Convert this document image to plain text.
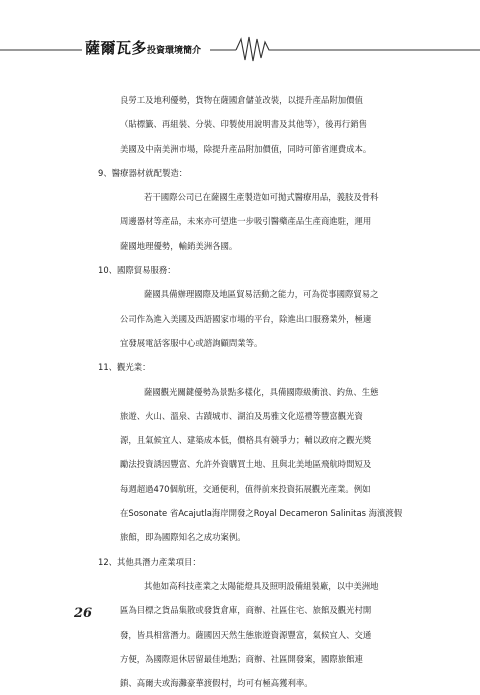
薩爾瓦多投資環境簡介
良勞工及地利優勢，貨物在薩國倉儲並改裝，以提升產品附加價值
（貼標籤、再組裝、分裝、印製使用說明書及其他等），後再行銷售
美國及中南美洲市場，除提升產品附加價值，同時可節省運費成本。
9、醫療器材就配製造：
若干國際公司已在薩國生產製造如可拋式醫療用品，義肢及骨科
周邊器材等產品，未來亦可望進一步吸引醫藥產品生產商進駐，運用
薩國地理優勢，輸銷美洲各國。
10、國際貿易服務：
薩國具備辦理國際及地區貿易活動之能力，可為從事國際貿易之
公司作為進入美國及西語國家市場的平台，除進出口服務業外，極適
宜發展電話客服中心或諮詢顧問業等。
11、觀光業：
薩國觀光關鍵優勢為景點多樣化，具備國際級衝浪、釣魚、生態
旅遊、火山、溫泉、古蹟城市、湖泊及馬雅文化巡禮等豐富觀光資
源，且氣候宜人、建築成本低，價格具有競爭力；輔以政府之觀光獎
勵法投資誘因豐富、允許外資購買土地、且與北美地區飛航時間短及
每週超過470個航班，交通便利，值得前來投資拓展觀光產業。例如
在Sosonate 省Acajutla海岸開發之Royal Decameron Salinitas 海濱渡假
旅館，即為國際知名之成功案例。
12、其他具潛力產業項目：
其他如高科技產業之太陽能燈具及照明設備組裝廠，以中美洲地
區為目標之貨品集散或發貨倉庫，商辦、社區住宅、旅館及觀光村開
發，皆具相當潛力。薩國因天然生態旅遊資源豐富，氣候宜人、交通
方便，為國際退休居留最佳地點；商辦、社區開發案，國際旅館連
鎖、高爾夫或海灘豪華渡假村，均可有極高獲利率。
26
